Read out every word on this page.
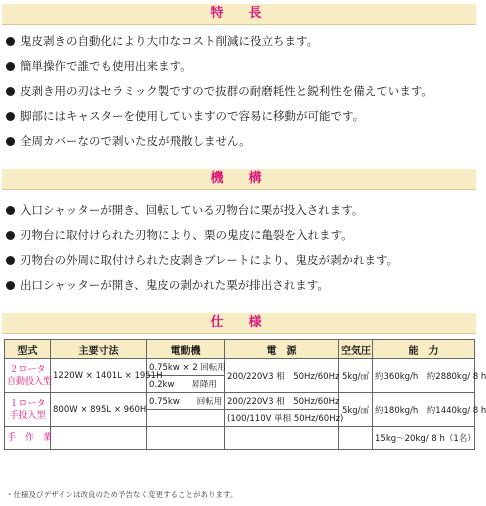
特　長
鬼皮剥きの自動化により大巾なコスト削減に役立ちます。
簡単操作で誰でも使用出来ます。
皮剥き用の刃はセラミック製ですので抜群の耐磨耗性と鋭利性を備えています。
脚部にはキャスターを使用していますので容易に移動が可能です。
全周カバーなので剥いた皮が飛散しません。
機　構
入口シャッターが開き、回転している刃物台に栗が投入されます。
刃物台に取付けられた刃物により、栗の鬼皮に亀裂を入れます。
刃物台の外周に取付けられた皮剥きプレートにより、鬼皮が剥かれます。
出口シャッターが開き、鬼皮の剥かれた栗が排出されます。
仕　様
型式	主要寸法	電動機	電　源	空気圧	能　力

２ロータ
自動投入型	1220W × 1401L × 1951H	0.75kw × 2 回転用	200/220V3 相　50Hz/60Hz	5kg/㎠	約360kg/h　約2880kg/ 8 h
		0.2kw　　昇降用			

１ロータ
手投入型	800W × 895L × 960H	0.75kw　　回転用	200/220V3 相　50Hz/60Hz	5kg/㎠	約180kg/h　約1440kg/ 8 h
			(100/110V 単相 50Hz/60Hz)		

手　作　業					15kg～20kg/ 8 h（1名）
・仕様及びデザインは改良のため予告なく変更することがあります。
